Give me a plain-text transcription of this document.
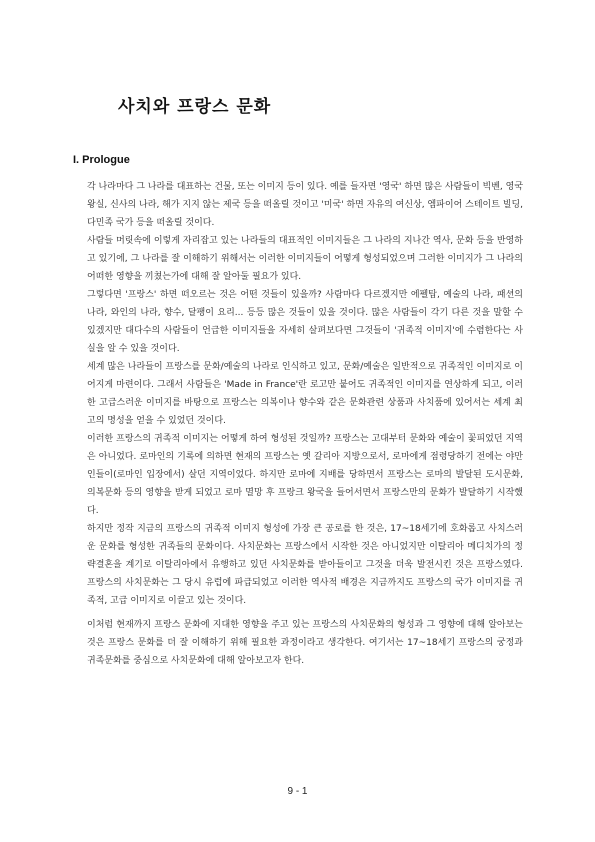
사치와 프랑스 문화
I. Prologue

각 나라마다 그 나라를 대표하는 건물, 또는 이미지 등이 있다. 예를 들자면 '영국' 하면 많은 사람들이 빅벤, 영국 왕실, 신사의 나라, 해가 지지 않는 제국 등을 떠올릴 것이고 '미국' 하면 자유의 여신상, 엠파이어 스테이트 빌딩, 다민족 국가 등을 떠올릴 것이다.

사람들 머릿속에 이렇게 자리잡고 있는 나라들의 대표적인 이미지들은 그 나라의 지나간 역사, 문화 등을 반영하고 있기에, 그 나라를 잘 이해하기 위해서는 이러한 이미지들이 어떻게 형성되었으며 그러한 이미지가 그 나라의 어떠한 영향을 끼쳤는가에 대해 잘 알아둘 필요가 있다.

그렇다면 '프랑스' 하면 떠오르는 것은 어떤 것들이 있을까? 사람마다 다르겠지만 에펠탑, 예술의 나라, 패션의 나라, 와인의 나라, 향수, 달팽이 요리... 등등 많은 것들이 있을 것이다. 많은 사람들이 각기 다른 것을 말할 수 있겠지만 대다수의 사람들이 언급한 이미지들을 자세히 살펴보다면 그것들이 '귀족적 이미지'에 수렴한다는 사실을 알 수 있을 것이다.

세계 많은 나라들이 프랑스를 문화/예술의 나라로 인식하고 있고, 문화/예술은 일반적으로 귀족적인 이미지로 이어지게 마련이다. 그래서 사람들은 'Made in France'란 로고만 붙어도 귀족적인 이미지를 연상하게 되고, 이러한 고급스러운 이미지를 바탕으로 프랑스는 의복이나 향수와 같은 문화관련 상품과 사치품에 있어서는 세계 최고의 명성을 얻을 수 있었던 것이다.

이러한 프랑스의 귀족적 이미지는 어떻게 하여 형성된 것일까? 프랑스는 고대부터 문화와 예술이 꽃피었던 지역은 아니었다. 로마인의 기록에 의하면 현재의 프랑스는 옛 갈리아 지방으로서, 로마에게 점령당하기 전에는 야만인들이(로마인 입장에서) 살던 지역이었다. 하지만 로마에 지배를 당하면서 프랑스는 로마의 발달된 도시문화, 의복문화 등의 영향을 받게 되었고 로마 멸망 후 프랑크 왕국을 들어서면서 프랑스만의 문화가 발달하기 시작했다.

하지만 정작 지금의 프랑스의 귀족적 이미지 형성에 가장 큰 공로를 한 것은, 17~18세기에 호화롭고 사치스러운 문화를 형성한 귀족들의 문화이다. 사치문화는 프랑스에서 시작한 것은 아니었지만 이탈리아 메디치가의 정략결혼을 계기로 이탈리아에서 유행하고 있던 사치문화를 받아들이고 그것을 더욱 발전시킨 것은 프랑스였다. 프랑스의 사치문화는 그 당시 유럽에 파급되었고 이러한 역사적 배경은 지금까지도 프랑스의 국가 이미지를 귀족적, 고급 이미지로 이끌고 있는 것이다.

이처럼 현재까지 프랑스 문화에 지대한 영향을 주고 있는 프랑스의 사치문화의 형성과 그 영향에 대해 알아보는 것은 프랑스 문화를 더 잘 이해하기 위해 필요한 과정이라고 생각한다. 여기서는 17~18세기 프랑스의 궁정과 귀족문화를 중심으로 사치문화에 대해 알아보고자 한다.

9 - 1
